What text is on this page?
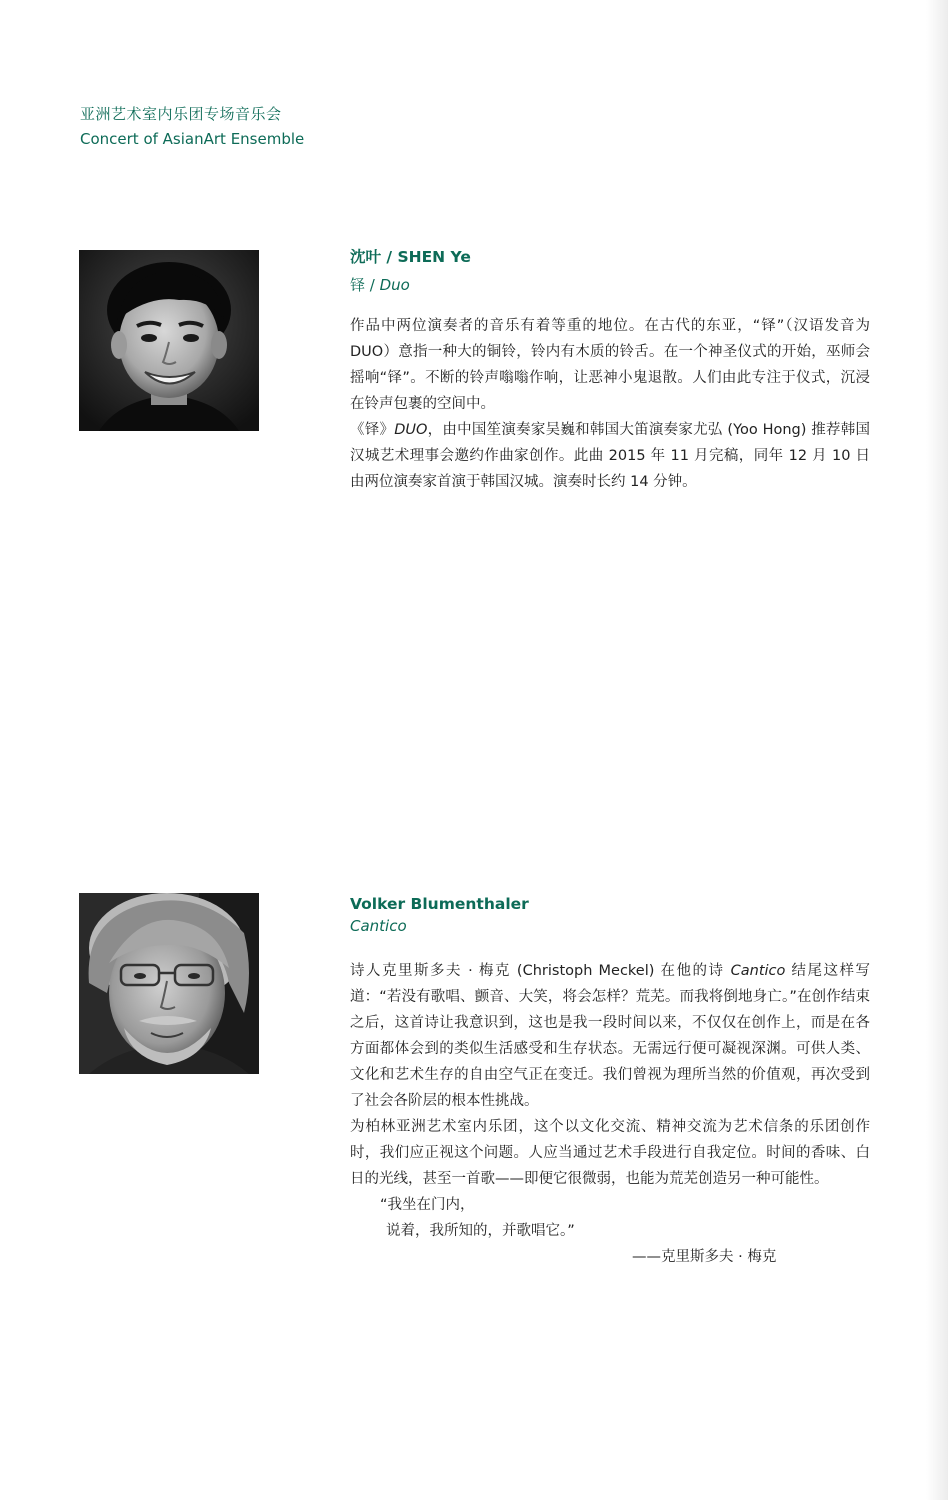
亚洲艺术室内乐团专场音乐会
Concert of AsianArt Ensemble
沈叶 / SHEN Ye
铎 / Duo
作品中两位演奏者的音乐有着等重的地位。在古代的东亚，“铎”（汉语发音为 DUO）意指一种大的铜铃，铃内有木质的铃舌。在一个神圣仪式的开始，巫师会摇响“铎”。不断的铃声嗡嗡作响，让恶神小鬼退散。人们由此专注于仪式，沉浸在铃声包裹的空间中。
《铎》DUO，由中国笙演奏家吴巍和韩国大笛演奏家尤弘 (Yoo Hong) 推荐韩国汉城艺术理事会邀约作曲家创作。此曲 2015 年 11 月完稿，同年 12 月 10 日由两位演奏家首演于韩国汉城。演奏时长约 14 分钟。
Volker Blumenthaler
Cantico
诗人克里斯多夫 · 梅克 (Christoph Meckel) 在他的诗 Cantico 结尾这样写道：“若没有歌唱、颤音、大笑，将会怎样？荒芜。而我将倒地身亡。”在创作结束之后，这首诗让我意识到，这也是我一段时间以来，不仅仅在创作上，而是在各方面都体会到的类似生活感受和生存状态。无需远行便可凝视深渊。可供人类、文化和艺术生存的自由空气正在变迁。我们曾视为理所当然的价值观，再次受到了社会各阶层的根本性挑战。
为柏林亚洲艺术室内乐团，这个以文化交流、精神交流为艺术信条的乐团创作时，我们应正视这个问题。人应当通过艺术手段进行自我定位。时间的香味、白日的光线，甚至一首歌——即便它很微弱，也能为荒芜创造另一种可能性。
“我坐在门内，
说着，我所知的，并歌唱它。”
——克里斯多夫 · 梅克
